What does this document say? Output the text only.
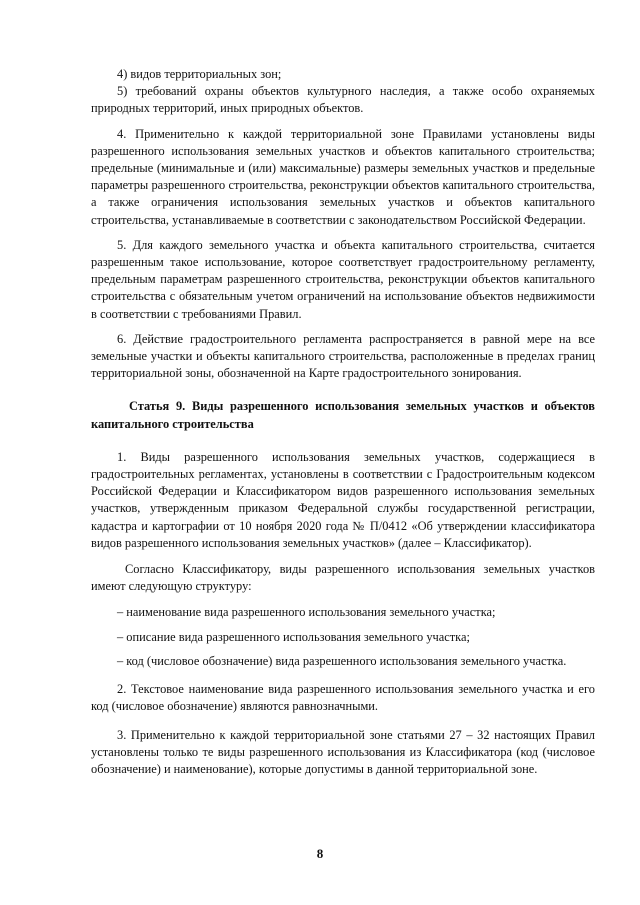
4) видов территориальных зон;

5) требований охраны объектов культурного наследия, а также особо охраняемых природных территорий, иных природных объектов.

4. Применительно к каждой территориальной зоне Правилами установлены виды разрешенного использования земельных участков и объектов капитального строительства; предельные (минимальные и (или) максимальные) размеры земельных участков и предельные параметры разрешенного строительства, реконструкции объектов капитального строительства, а также ограничения использования земельных участков и объектов капитального строительства, устанавливаемые в соответствии с законодательством Российской Федерации.

5. Для каждого земельного участка и объекта капитального строительства, считается разрешенным такое использование, которое соответствует градостроительному регламенту, предельным параметрам разрешенного строительства, реконструкции объектов капитального строительства с обязательным учетом ограничений на использование объектов недвижимости в соответствии с требованиями Правил.

6. Действие градостроительного регламента распространяется в равной мере на все земельные участки и объекты капитального строительства, расположенные в пределах границ территориальной зоны, обозначенной на Карте градостроительного зонирования.

Статья 9. Виды разрешенного использования земельных участков и объектов капитального строительства

1. Виды разрешенного использования земельных участков, содержащиеся в градостроительных регламентах, установлены в соответствии с Градостроительным кодексом Российской Федерации и Классификатором видов разрешенного использования земельных участков, утвержденным приказом Федеральной службы государственной регистрации, кадастра и картографии от 10 ноября 2020 года № П/0412 «Об утверждении классификатора видов разрешенного использования земельных участков» (далее – Классификатор).

Согласно Классификатору, виды разрешенного использования земельных участков имеют следующую структуру:

– наименование вида разрешенного использования земельного участка;

– описание вида разрешенного использования земельного участка;

– код (числовое обозначение) вида разрешенного использования земельного участка.

2. Текстовое наименование вида разрешенного использования земельного участка и его код (числовое обозначение) являются равнозначными.

3. Применительно к каждой территориальной зоне статьями 27 – 32 настоящих Правил установлены только те виды разрешенного использования из Классификатора (код (числовое обозначение) и наименование), которые допустимы в данной территориальной зоне.

8
